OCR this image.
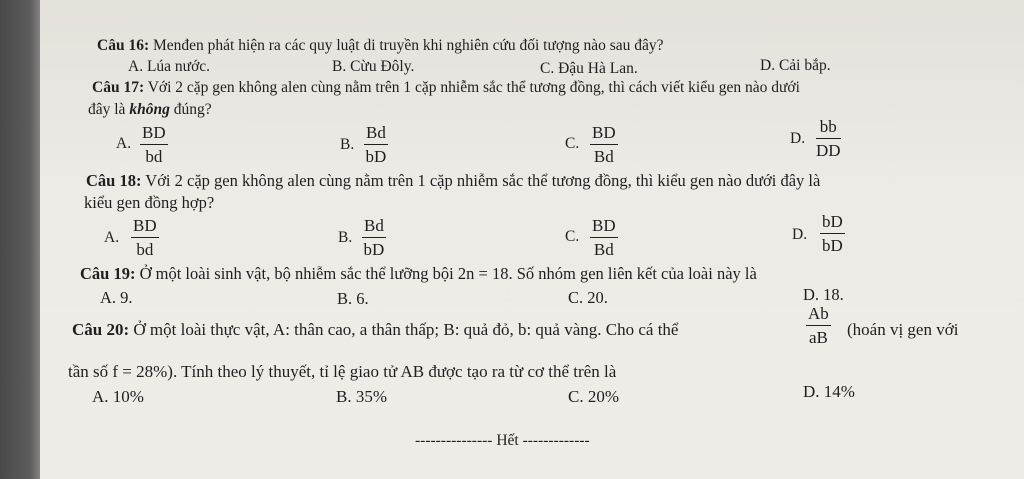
Câu 16: Menđen phát hiện ra các quy luật di truyền khi nghiên cứu đối tượng nào sau đây?
A. Lúa nước.	B. Cừu Đôly.	C. Đậu Hà Lan.	D. Cải bắp.
Câu 17: Với 2 cặp gen không alen cùng nằm trên 1 cặp nhiễm sắc thể tương đồng, thì cách viết kiểu gen nào dưới
đây là không đúng?
A. $\frac{BD}{bd}$	B. $\frac{Bd}{bD}$	C. $\frac{BD}{Bd}$	D. $\frac{bb}{DD}$
Câu 18: Với 2 cặp gen không alen cùng nằm trên 1 cặp nhiễm sắc thể tương đồng, thì kiểu gen nào dưới đây là
kiểu gen đồng hợp?
A. $\frac{BD}{bd}$	B. $\frac{Bd}{bD}$	C. $\frac{BD}{Bd}$	D. $\frac{bD}{bD}$
Câu 19: Ở một loài sinh vật, bộ nhiễm sắc thể lưỡng bội 2n = 18. Số nhóm gen liên kết của loài này là
A. 9.	B. 6.	C. 20.	D. 18.
Câu 20: Ở một loài thực vật, A: thân cao, a thân thấp; B: quả đỏ, b: quả vàng. Cho cá thể	$\frac{Ab}{aB}$ (hoán vị gen với
tần số f = 28%). Tính theo lý thuyết, tỉ lệ giao tử AB được tạo ra từ cơ thể trên là
A. 10%	B. 35%	C. 20%	D. 14%
--------------- Hết -------------
